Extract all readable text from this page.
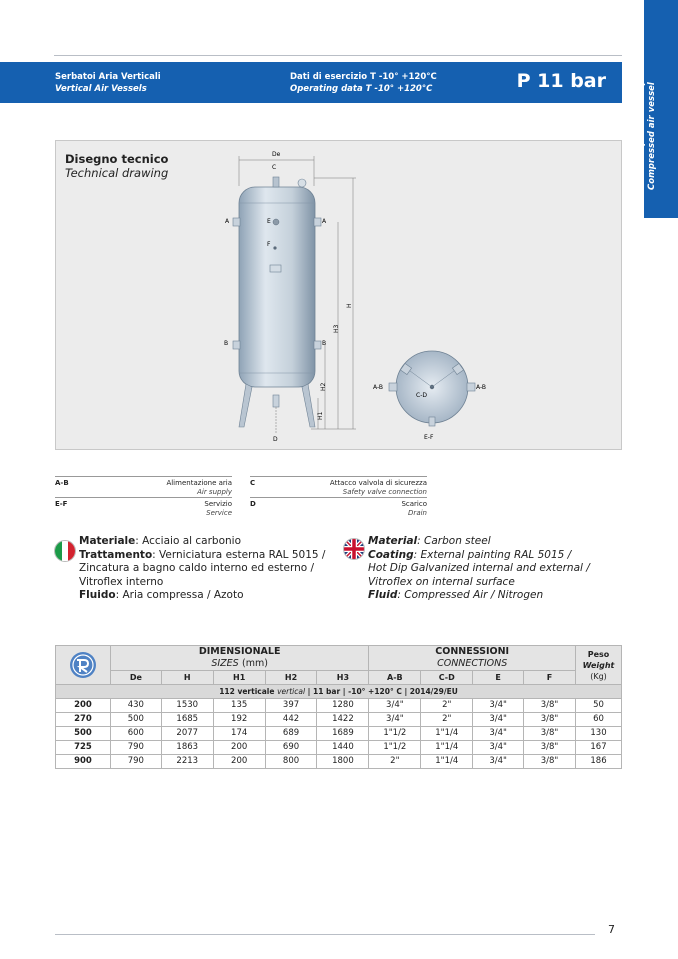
Serbatoi Aria Verticali
Vertical Air Vessels
Dati di esercizio T -10° +120°C
Operating data T -10° +120°C	P 11 bar	Serbatoi per aria compressa Compressed air vessel
Disegno tecnico
Technical drawing
De
C
A	A
E
F
B	B
D
H
H3
H2
H1
A-B	A-B
C-D
E-F
A-B	Alimentazione aria
Air supply
E-F	Servizio
Service
C	Attacco valvola di sicurezza
Safety valve connection
D	Scarico
Drain
Materiale: Acciaio al carbonio
Trattamento: Verniciatura esterna RAL 5015 /
Zincatura a bagno caldo interno ed esterno /
Vitroflex interno
Fluido: Aria compressa / Azoto
Material: Carbon steel
Coating: External painting RAL 5015 /
Hot Dip Galvanized internal and external /
Vitroflex on internal surface
Fluid: Compressed Air / Nitrogen
	DIMENSIONALE
SIZES (mm)					CONNESSIONI
CONNECTIONS				Peso
Weight
(Kg)
	De	H	H1	H2	H3	A-B	C-D	E	F	
112 verticale vertical | 11 bar | -10° +120° C | 2014/29/EU										
200	430	1530	135	397	1280	3/4"	2"	3/4"	3/8"	50
270	500	1685	192	442	1422	3/4"	2"	3/4"	3/8"	60
500	600	2077	174	689	1689	1"1/2	1"1/4	3/4"	3/8"	130
725	790	1863	200	690	1440	1"1/2	1"1/4	3/4"	3/8"	167
900	790	2213	200	800	1800	2"	1"1/4	3/4"	3/8"	186
7
